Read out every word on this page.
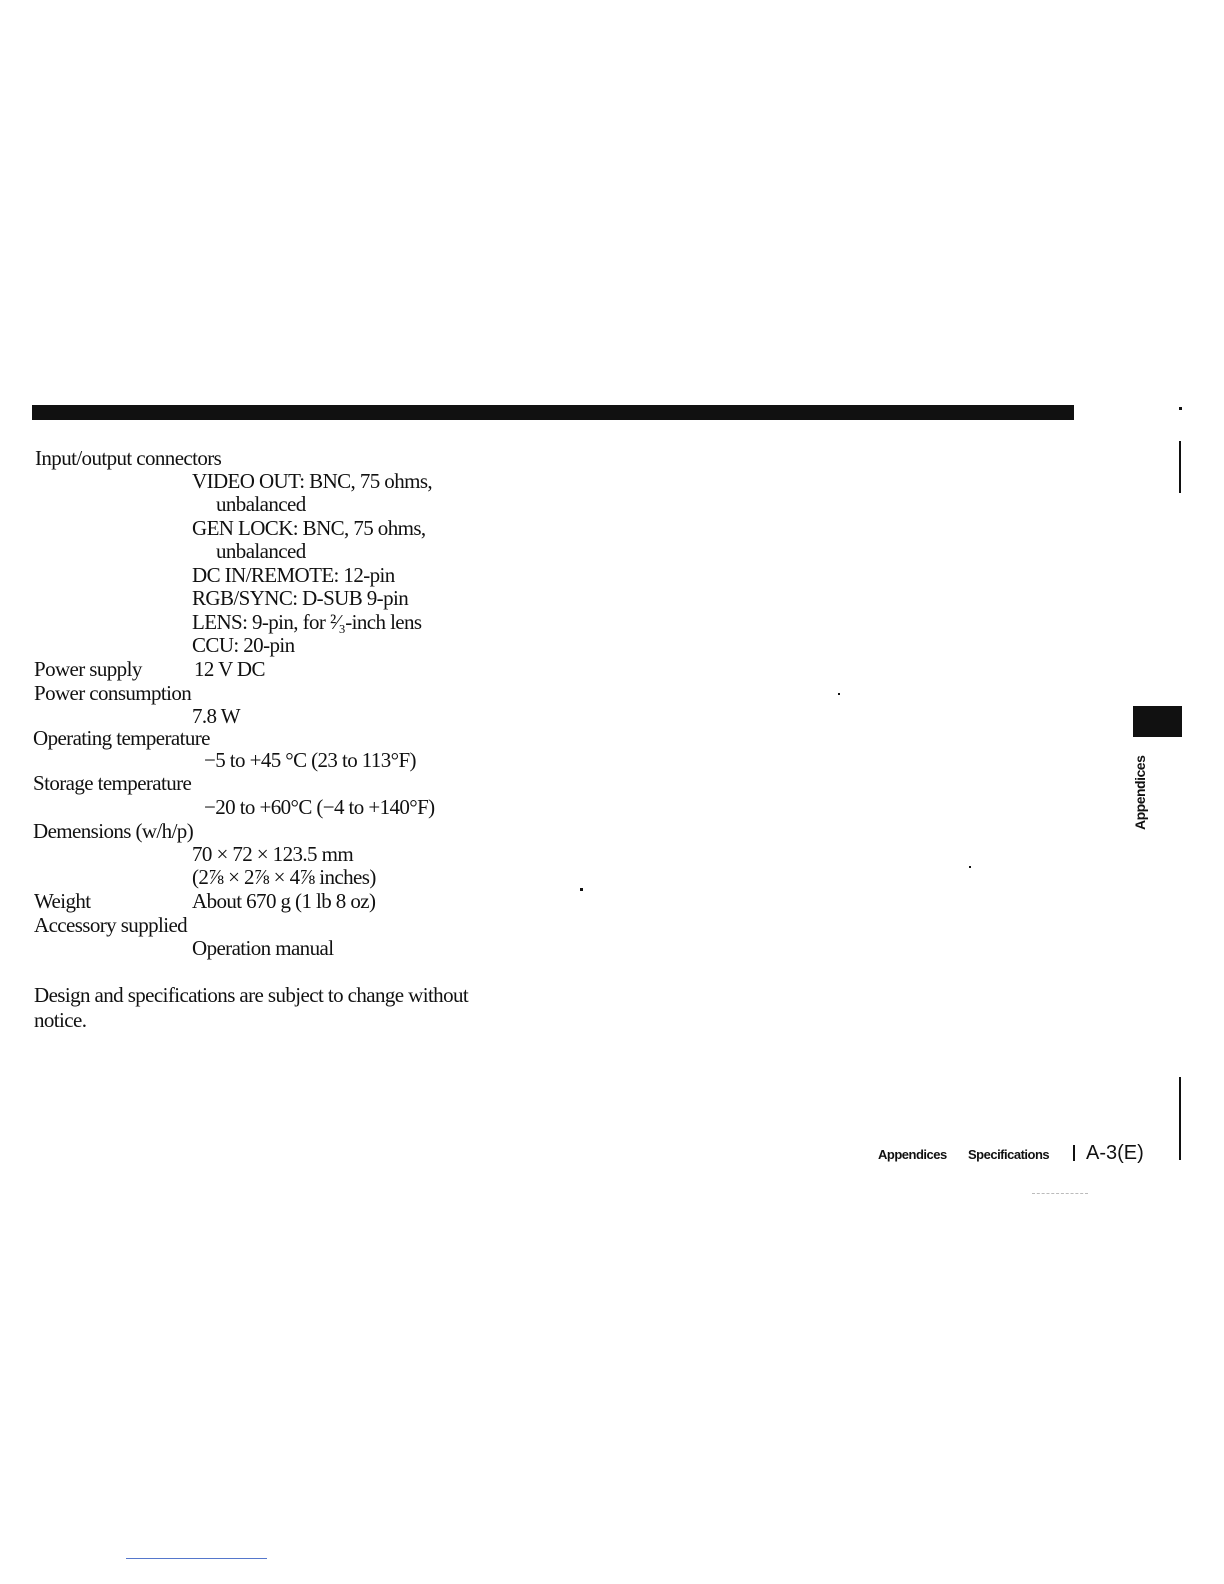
Input/output connectors
VIDEO OUT: BNC, 75 ohms,
unbalanced
GEN LOCK: BNC, 75 ohms,
unbalanced
DC IN/REMOTE: 12-pin
RGB/SYNC: D-SUB 9-pin
LENS: 9-pin, for ²⁄₃-inch lens
CCU: 20-pin
Power supply 12 V DC
Power consumption
7.8 W
Operating temperature
−5 to +45 °C (23 to 113°F)
Storage temperature
−20 to +60°C (−4 to +140°F)
Demensions (w/h/p)
70 × 72 × 123.5 mm
(2⅞ × 2⅞ × 4⅞ inches)
Weight	About 670 g (1 lb 8 oz)
Accessory supplied
Operation manual
Design and specifications are subject to change without
notice.
Appendices
Appendices Specifications A-3(E)
